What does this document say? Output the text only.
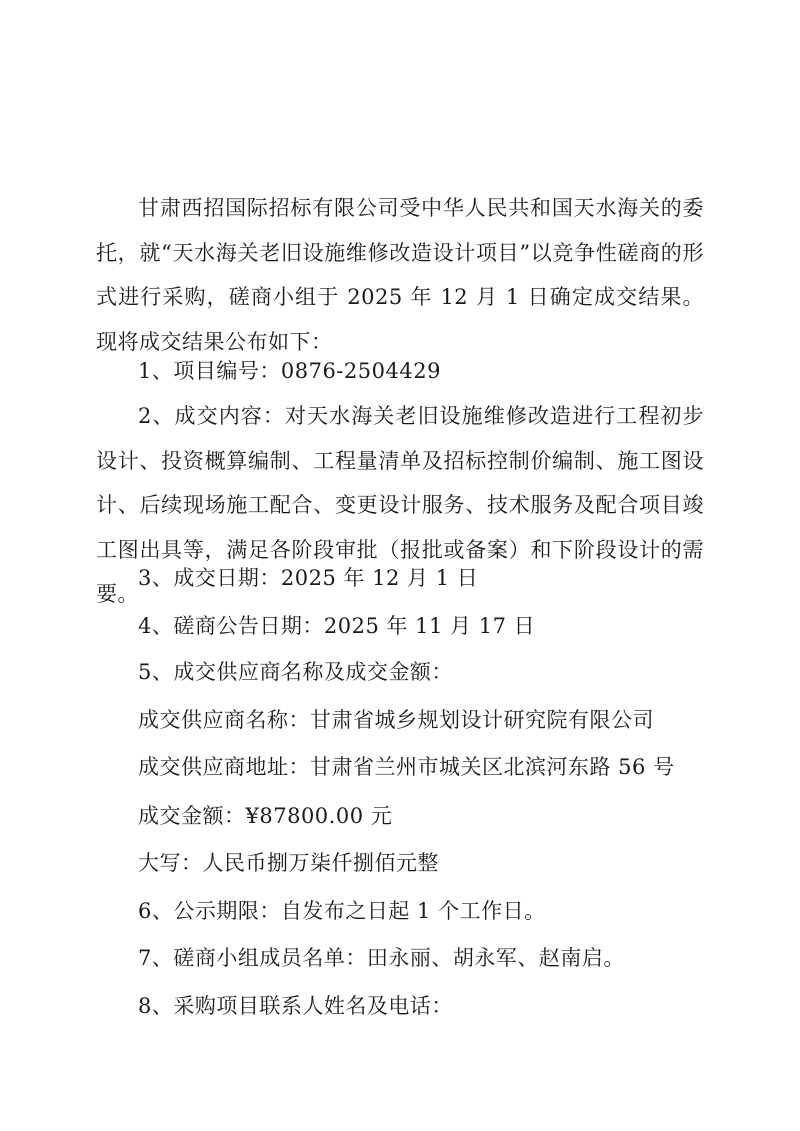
甘肃西招国际招标有限公司受中华人民共和国天水海关的委托，就“天水海关老旧设施维修改造设计项目”以竞争性磋商的形式进行采购，磋商小组于 2025 年 12 月 1 日确定成交结果。现将成交结果公布如下：

1、项目编号：0876-2504429

2、成交内容：对天水海关老旧设施维修改造进行工程初步设计、投资概算编制、工程量清单及招标控制价编制、施工图设计、后续现场施工配合、变更设计服务、技术服务及配合项目竣工图出具等，满足各阶段审批（报批或备案）和下阶段设计的需要。

3、成交日期：2025 年 12 月 1 日

4、磋商公告日期：2025 年 11 月 17 日

5、成交供应商名称及成交金额：

成交供应商名称：甘肃省城乡规划设计研究院有限公司

成交供应商地址：甘肃省兰州市城关区北滨河东路 56 号

成交金额：¥87800.00 元

大写：人民币捌万柒仟捌佰元整

6、公示期限：自发布之日起 1 个工作日。

7、磋商小组成员名单：田永丽、胡永军、赵南启。

8、采购项目联系人姓名及电话：
